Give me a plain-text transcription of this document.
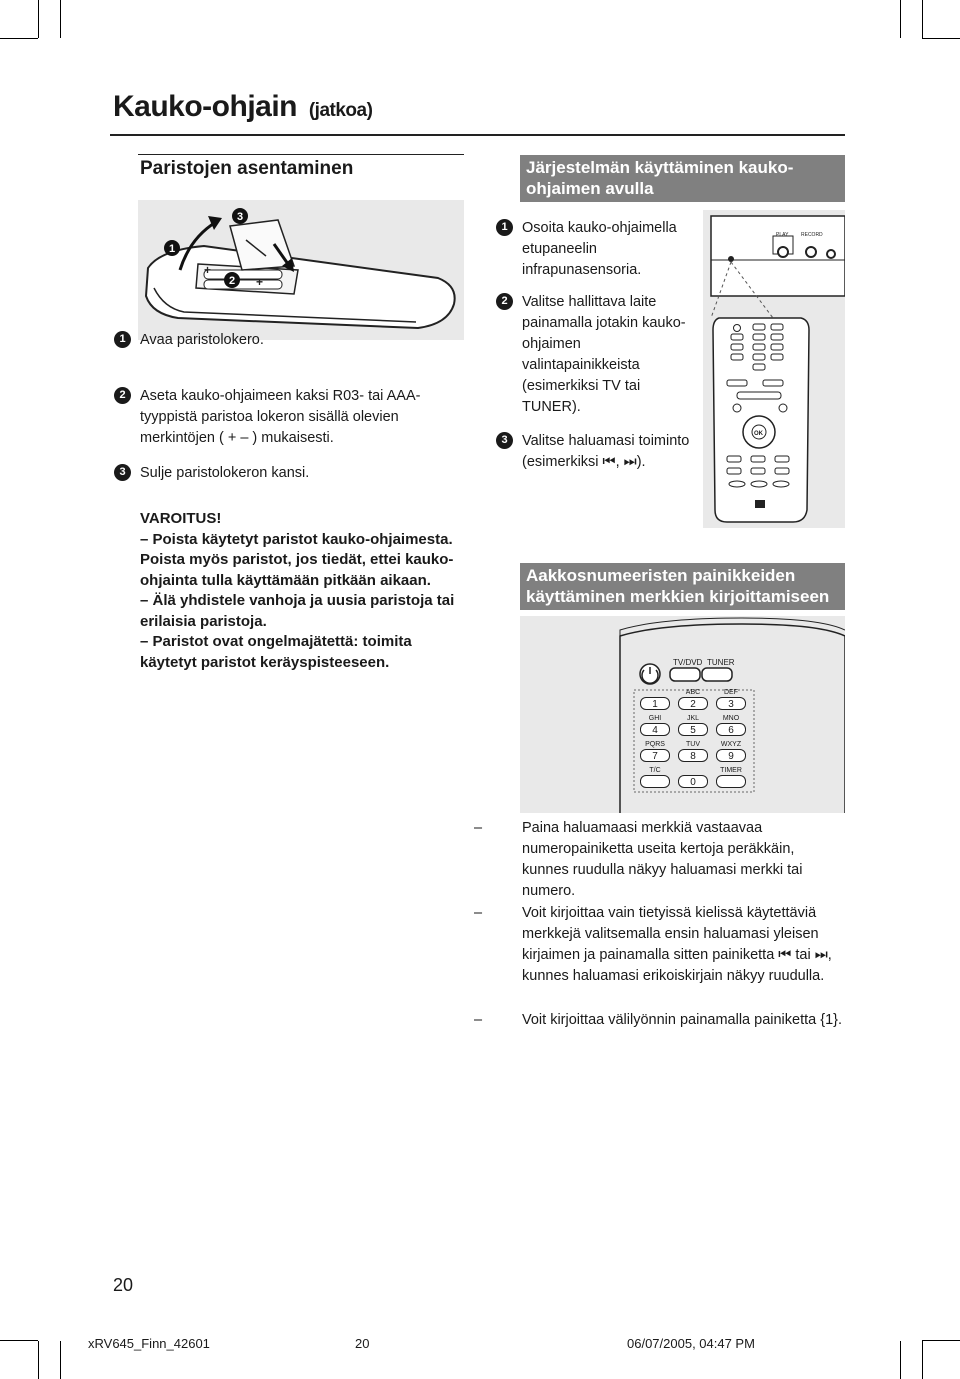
Kauko-ohjain (jatkoa)
Paristojen asentaminen
+
+
1
2
3
1 Avaa paristolokero.
2 Aseta kauko-ohjaimeen kaksi R03- tai AAA-tyyppistä paristoa lokeron sisällä olevien merkintöjen ( + – ) mukaisesti.
3 Sulje paristolokeron kansi.
VAROITUS!
– Poista käytetyt paristot kauko-ohjaimesta. Poista myös paristot, jos tiedät, ettei kauko-ohjainta tulla käyttämään pitkään aikaan.
– Älä yhdistele vanhoja ja uusia paristoja tai erilaisia paristoja.
– Paristot ovat ongelmajätettä: toimita käytetyt paristot keräyspisteeseen.
Järjestelmän käyttäminen kauko-ohjaimen avulla
1 Osoita kauko-ohjaimella etupaneelin infrapunasensoria.
2 Valitse hallittava laite painamalla jotakin kauko-ohjaimen valintapainikkeista (esimerkiksi TV tai TUNER).
3 Valitse haluamasi toiminto (esimerkiksi ⏮, ⏭).
PLAY	RECORD
OK
Aakkosnumeeristen painikkeiden käyttäminen merkkien kirjoittamiseen
TV/DVD TUNER
1
ABC
2
DEF
3
GHI
4
JKL
5
MNO
6
PQRS
7
TUV
8
WXYZ
9
T/C
0
TIMER
–	Paina haluamaasi merkkiä vastaavaa numeropainiketta useita kertoja peräkkäin, kunnes ruudulla näkyy haluamasi merkki tai numero.
–	Voit kirjoittaa vain tietyissä kielissä käytettäviä merkkejä valitsemalla ensin haluamasi yleisen kirjaimen ja painamalla sitten painiketta ⏮ tai ⏭, kunnes haluamasi erikoiskirjain näkyy ruudulla.
–	Voit kirjoittaa välilyönnin painamalla painiketta {1}.
20
xRV645_Finn_42601	20	06/07/2005, 04:47 PM
